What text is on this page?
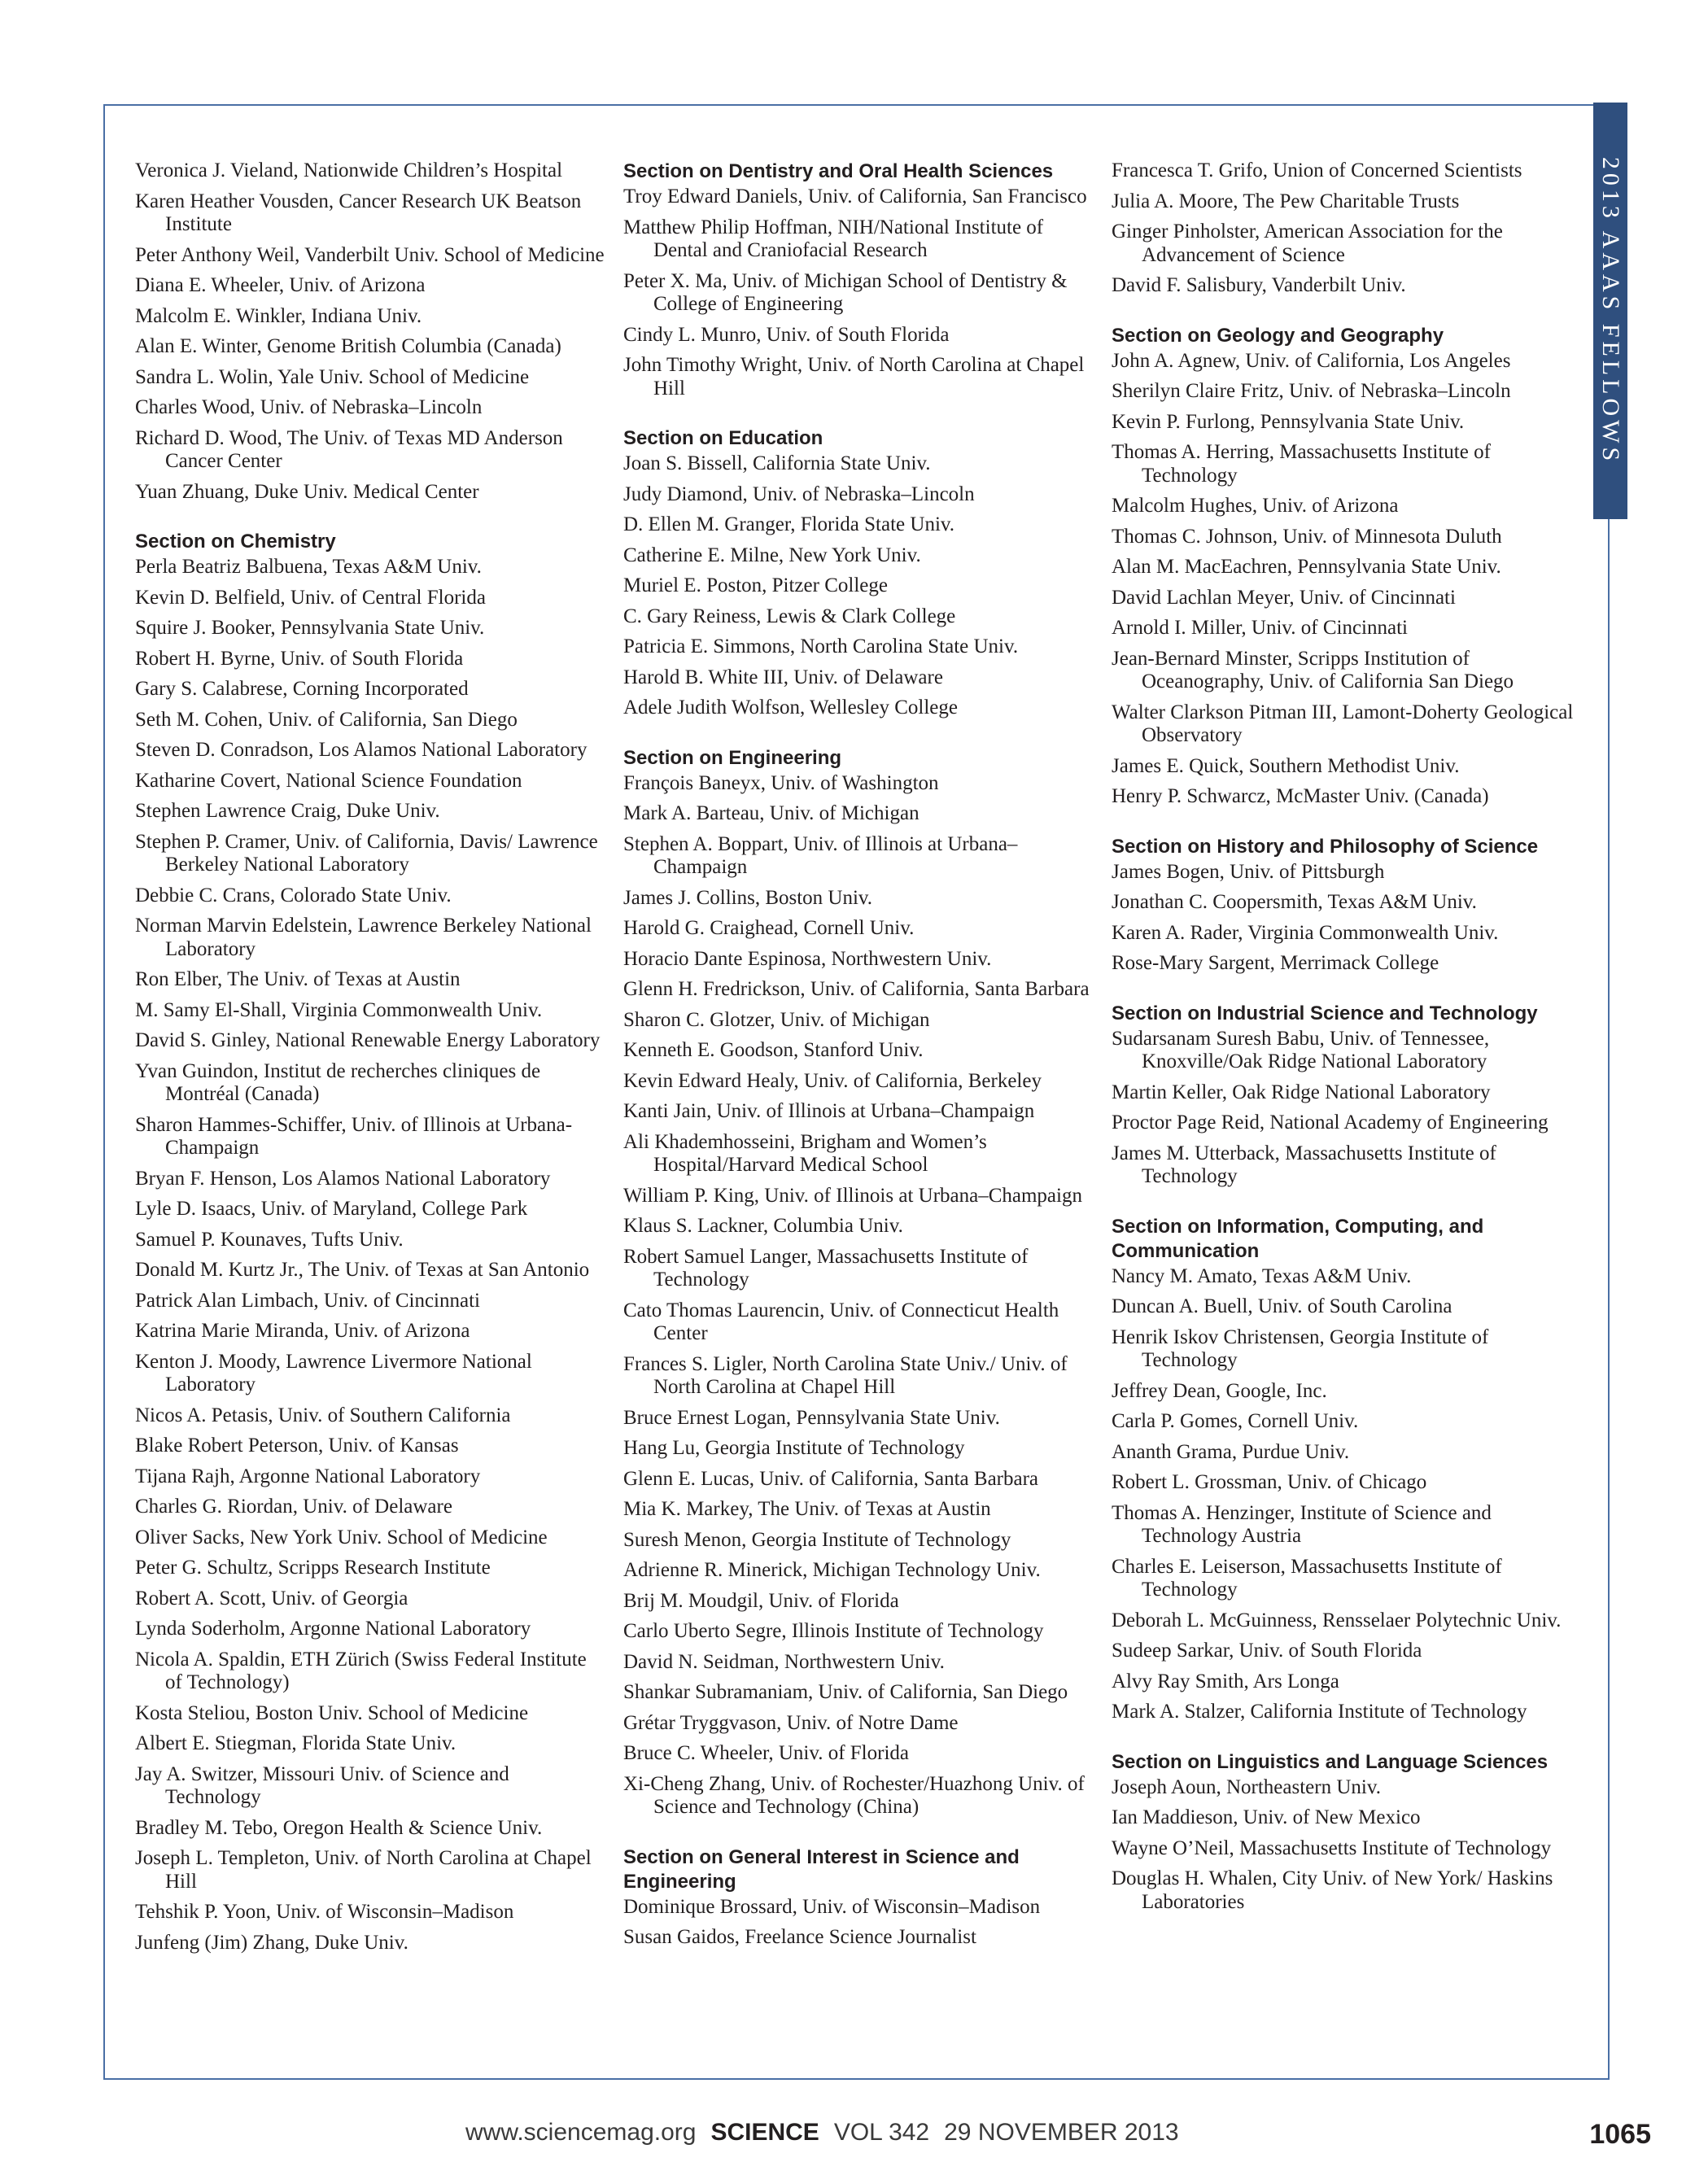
2013 AAAS FELLOWS
Veronica J. Vieland, Nationwide Children’s Hospital
Karen Heather Vousden, Cancer Research UK Beatson Institute
Peter Anthony Weil, Vanderbilt Univ. School of Medicine
Diana E. Wheeler, Univ. of Arizona
Malcolm E. Winkler, Indiana Univ.
Alan E. Winter, Genome British Columbia (Canada)
Sandra L. Wolin, Yale Univ. School of Medicine
Charles Wood, Univ. of Nebraska–Lincoln
Richard D. Wood, The Univ. of Texas MD Anderson Cancer Center
Yuan Zhuang, Duke Univ. Medical Center
Section on Chemistry
Perla Beatriz Balbuena, Texas A&M Univ.
Kevin D. Belfield, Univ. of Central Florida
Squire J. Booker, Pennsylvania State Univ.
Robert H. Byrne, Univ. of South Florida
Gary S. Calabrese, Corning Incorporated
Seth M. Cohen, Univ. of California, San Diego
Steven D. Conradson, Los Alamos National Laboratory
Katharine Covert, National Science Foundation
Stephen Lawrence Craig, Duke Univ.
Stephen P. Cramer, Univ. of California, Davis/ Lawrence Berkeley National Laboratory
Debbie C. Crans, Colorado State Univ.
Norman Marvin Edelstein, Lawrence Berkeley National Laboratory
Ron Elber, The Univ. of Texas at Austin
M. Samy El-Shall, Virginia Commonwealth Univ.
David S. Ginley, National Renewable Energy Laboratory
Yvan Guindon, Institut de recherches cliniques de Montréal (Canada)
Sharon Hammes-Schiffer, Univ. of Illinois at Urbana-Champaign
Bryan F. Henson, Los Alamos National Laboratory
Lyle D. Isaacs, Univ. of Maryland, College Park
Samuel P. Kounaves, Tufts Univ.
Donald M. Kurtz Jr., The Univ. of Texas at San Antonio
Patrick Alan Limbach, Univ. of Cincinnati
Katrina Marie Miranda, Univ. of Arizona
Kenton J. Moody, Lawrence Livermore National Laboratory
Nicos A. Petasis, Univ. of Southern California
Blake Robert Peterson, Univ. of Kansas
Tijana Rajh, Argonne National Laboratory
Charles G. Riordan, Univ. of Delaware
Oliver Sacks, New York Univ. School of Medicine
Peter G. Schultz, Scripps Research Institute
Robert A. Scott, Univ. of Georgia
Lynda Soderholm, Argonne National Laboratory
Nicola A. Spaldin, ETH Zürich (Swiss Federal Institute of Technology)
Kosta Steliou, Boston Univ. School of Medicine
Albert E. Stiegman, Florida State Univ.
Jay A. Switzer, Missouri Univ. of Science and Technology
Bradley M. Tebo, Oregon Health & Science Univ.
Joseph L. Templeton, Univ. of North Carolina at Chapel Hill
Tehshik P. Yoon, Univ. of Wisconsin–Madison
Junfeng (Jim) Zhang, Duke Univ.
Section on Dentistry and Oral Health Sciences
Troy Edward Daniels, Univ. of California, San Francisco
Matthew Philip Hoffman, NIH/National Institute of Dental and Craniofacial Research
Peter X. Ma, Univ. of Michigan School of Dentistry & College of Engineering
Cindy L. Munro, Univ. of South Florida
John Timothy Wright, Univ. of North Carolina at Chapel Hill
Section on Education
Joan S. Bissell, California State Univ.
Judy Diamond, Univ. of Nebraska–Lincoln
D. Ellen M. Granger, Florida State Univ.
Catherine E. Milne, New York Univ.
Muriel E. Poston, Pitzer College
C. Gary Reiness, Lewis & Clark College
Patricia E. Simmons, North Carolina State Univ.
Harold B. White III, Univ. of Delaware
Adele Judith Wolfson, Wellesley College
Section on Engineering
François Baneyx, Univ. of Washington
Mark A. Barteau, Univ. of Michigan
Stephen A. Boppart, Univ. of Illinois at Urbana–Champaign
James J. Collins, Boston Univ.
Harold G. Craighead, Cornell Univ.
Horacio Dante Espinosa, Northwestern Univ.
Glenn H. Fredrickson, Univ. of California, Santa Barbara
Sharon C. Glotzer, Univ. of Michigan
Kenneth E. Goodson, Stanford Univ.
Kevin Edward Healy, Univ. of California, Berkeley
Kanti Jain, Univ. of Illinois at Urbana–Champaign
Ali Khademhosseini, Brigham and Women’s Hospital/Harvard Medical School
William P. King, Univ. of Illinois at Urbana–Champaign
Klaus S. Lackner, Columbia Univ.
Robert Samuel Langer, Massachusetts Institute of Technology
Cato Thomas Laurencin, Univ. of Connecticut Health Center
Frances S. Ligler, North Carolina State Univ./ Univ. of North Carolina at Chapel Hill
Bruce Ernest Logan, Pennsylvania State Univ.
Hang Lu, Georgia Institute of Technology
Glenn E. Lucas, Univ. of California, Santa Barbara
Mia K. Markey, The Univ. of Texas at Austin
Suresh Menon, Georgia Institute of Technology
Adrienne R. Minerick, Michigan Technology Univ.
Brij M. Moudgil, Univ. of Florida
Carlo Uberto Segre, Illinois Institute of Technology
David N. Seidman, Northwestern Univ.
Shankar Subramaniam, Univ. of California, San Diego
Grétar Tryggvason, Univ. of Notre Dame
Bruce C. Wheeler, Univ. of Florida
Xi-Cheng Zhang, Univ. of Rochester/Huazhong Univ. of Science and Technology (China)
Section on General Interest in Science and Engineering
Dominique Brossard, Univ. of Wisconsin–Madison
Susan Gaidos, Freelance Science Journalist
Francesca T. Grifo, Union of Concerned Scientists
Julia A. Moore, The Pew Charitable Trusts
Ginger Pinholster, American Association for the Advancement of Science
David F. Salisbury, Vanderbilt Univ.
Section on Geology and Geography
John A. Agnew, Univ. of California, Los Angeles
Sherilyn Claire Fritz, Univ. of Nebraska–Lincoln
Kevin P. Furlong, Pennsylvania State Univ.
Thomas A. Herring, Massachusetts Institute of Technology
Malcolm Hughes, Univ. of Arizona
Thomas C. Johnson, Univ. of Minnesota Duluth
Alan M. MacEachren, Pennsylvania State Univ.
David Lachlan Meyer, Univ. of Cincinnati
Arnold I. Miller, Univ. of Cincinnati
Jean-Bernard Minster, Scripps Institution of Oceanography, Univ. of California San Diego
Walter Clarkson Pitman III, Lamont-Doherty Geological Observatory
James E. Quick, Southern Methodist Univ.
Henry P. Schwarcz, McMaster Univ. (Canada)
Section on History and Philosophy of Science
James Bogen, Univ. of Pittsburgh
Jonathan C. Coopersmith, Texas A&M Univ.
Karen A. Rader, Virginia Commonwealth Univ.
Rose-Mary Sargent, Merrimack College
Section on Industrial Science and Technology
Sudarsanam Suresh Babu, Univ. of Tennessee, Knoxville/Oak Ridge National Laboratory
Martin Keller, Oak Ridge National Laboratory
Proctor Page Reid, National Academy of Engineering
James M. Utterback, Massachusetts Institute of Technology
Section on Information, Computing, and Communication
Nancy M. Amato, Texas A&M Univ.
Duncan A. Buell, Univ. of South Carolina
Henrik Iskov Christensen, Georgia Institute of Technology
Jeffrey Dean, Google, Inc.
Carla P. Gomes, Cornell Univ.
Ananth Grama, Purdue Univ.
Robert L. Grossman, Univ. of Chicago
Thomas A. Henzinger, Institute of Science and Technology Austria
Charles E. Leiserson, Massachusetts Institute of Technology
Deborah L. McGuinness, Rensselaer Polytechnic Univ.
Sudeep Sarkar, Univ. of South Florida
Alvy Ray Smith, Ars Longa
Mark A. Stalzer, California Institute of Technology
Section on Linguistics and Language Sciences
Joseph Aoun, Northeastern Univ.
Ian Maddieson, Univ. of New Mexico
Wayne O’Neil, Massachusetts Institute of Technology
Douglas H. Whalen, City Univ. of New York/ Haskins Laboratories
www.sciencemag.org SCIENCE VOL 342 29 NOVEMBER 2013	1065
